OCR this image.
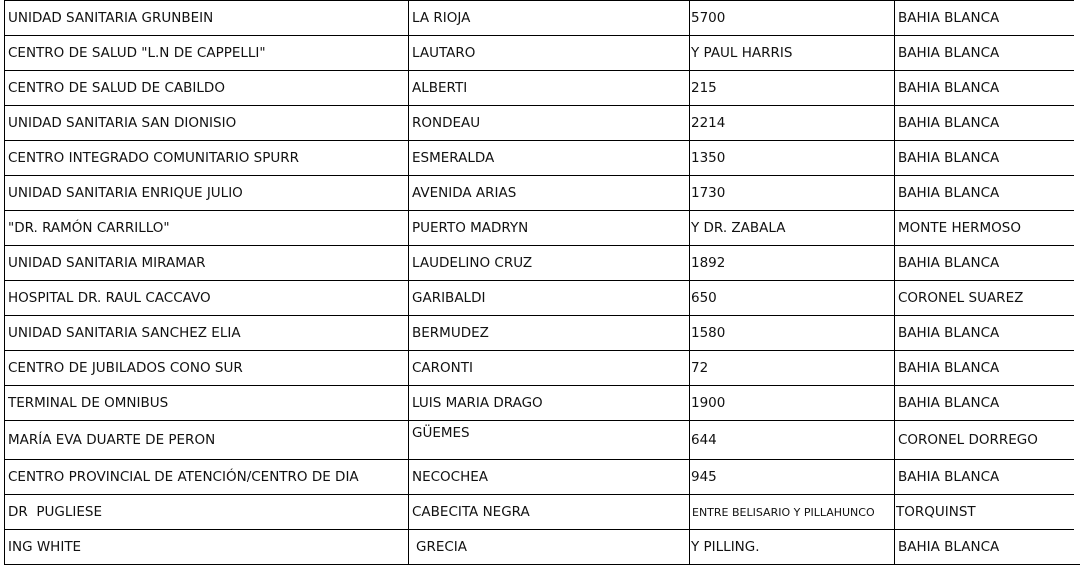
UNIDAD SANITARIA GRUNBEIN	LA RIOJA	5700	BAHIA BLANCA
CENTRO DE SALUD "L.N DE CAPPELLI"	LAUTARO	Y PAUL HARRIS	BAHIA BLANCA
CENTRO DE SALUD DE CABILDO	ALBERTI	215	BAHIA BLANCA
UNIDAD SANITARIA SAN DIONISIO	RONDEAU	2214	BAHIA BLANCA
CENTRO INTEGRADO COMUNITARIO SPURR	ESMERALDA	1350	BAHIA BLANCA
UNIDAD SANITARIA ENRIQUE JULIO	AVENIDA ARIAS	1730	BAHIA BLANCA
"DR. RAMÓN CARRILLO"	PUERTO MADRYN	Y DR. ZABALA	MONTE HERMOSO
UNIDAD SANITARIA MIRAMAR	LAUDELINO CRUZ	1892	BAHIA BLANCA
HOSPITAL DR. RAUL CACCAVO	GARIBALDI	650	CORONEL SUAREZ
UNIDAD SANITARIA SANCHEZ ELIA	BERMUDEZ	1580	BAHIA BLANCA
CENTRO DE JUBILADOS CONO SUR	CARONTI	72	BAHIA BLANCA
TERMINAL DE OMNIBUS	LUIS MARIA DRAGO	1900	BAHIA BLANCA
MARÍA EVA DUARTE DE PERON	GÜEMES	644	CORONEL DORREGO
CENTRO PROVINCIAL DE ATENCIÓN/CENTRO DE DIA	NECOCHEA	945	BAHIA BLANCA
DR  PUGLIESE	CABECITA NEGRA	ENTRE BELISARIO Y PILLAHUNCO	TORQUINST
ING WHITE	GRECIA	Y PILLING.	BAHIA BLANCA
